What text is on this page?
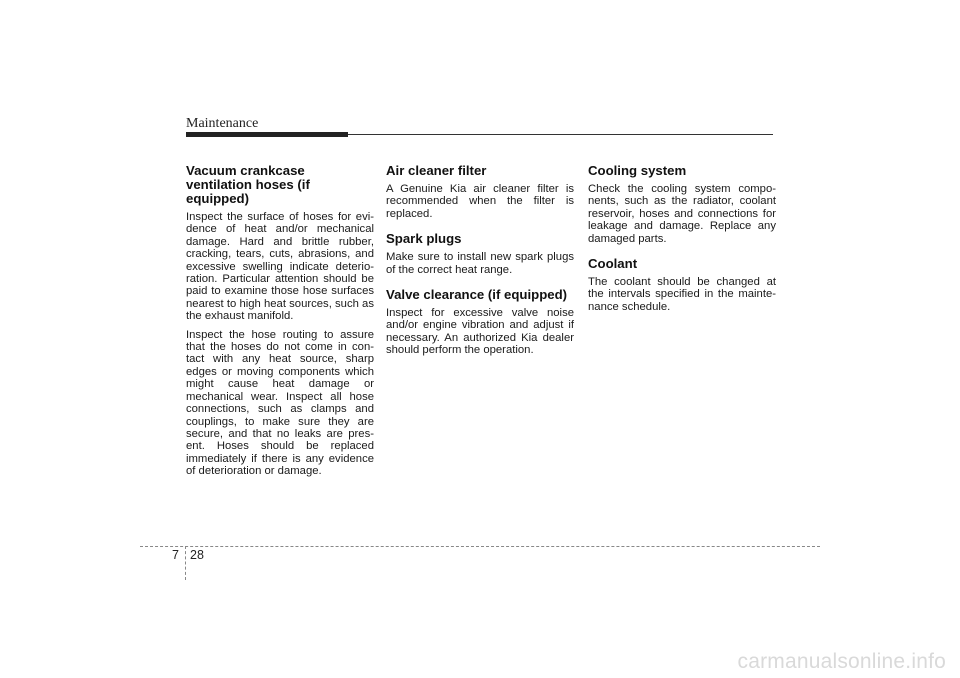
Maintenance
Vacuum crankcase ventilation hoses (if equipped)

Inspect the surface of hoses for evi-dence of heat and/or mechanical damage. Hard and brittle rubber, cracking, tears, cuts, abrasions, and excessive swelling indicate deterio-ration. Particular attention should be paid to examine those hose surfaces nearest to high heat sources, such as the exhaust manifold.

Inspect the hose routing to assure that the hoses do not come in con-tact with any heat source, sharp edges or moving components which might cause heat damage or mechanical wear. Inspect all hose connections, such as clamps and couplings, to make sure they are secure, and that no leaks are pres-ent. Hoses should be replaced immediately if there is any evidence of deterioration or damage.

Air cleaner filter

A Genuine Kia air cleaner filter is recommended when the filter is replaced.

Spark plugs

Make sure to install new spark plugs of the correct heat range.

Valve clearance (if equipped)

Inspect for excessive valve noise and/or engine vibration and adjust if necessary. An authorized Kia dealer should perform the operation.

Cooling system

Check the cooling system compo-nents, such as the radiator, coolant reservoir, hoses and connections for leakage and damage. Replace any damaged parts.

Coolant

The coolant should be changed at the intervals specified in the mainte-nance schedule.

7 28
carmanualsonline.info
